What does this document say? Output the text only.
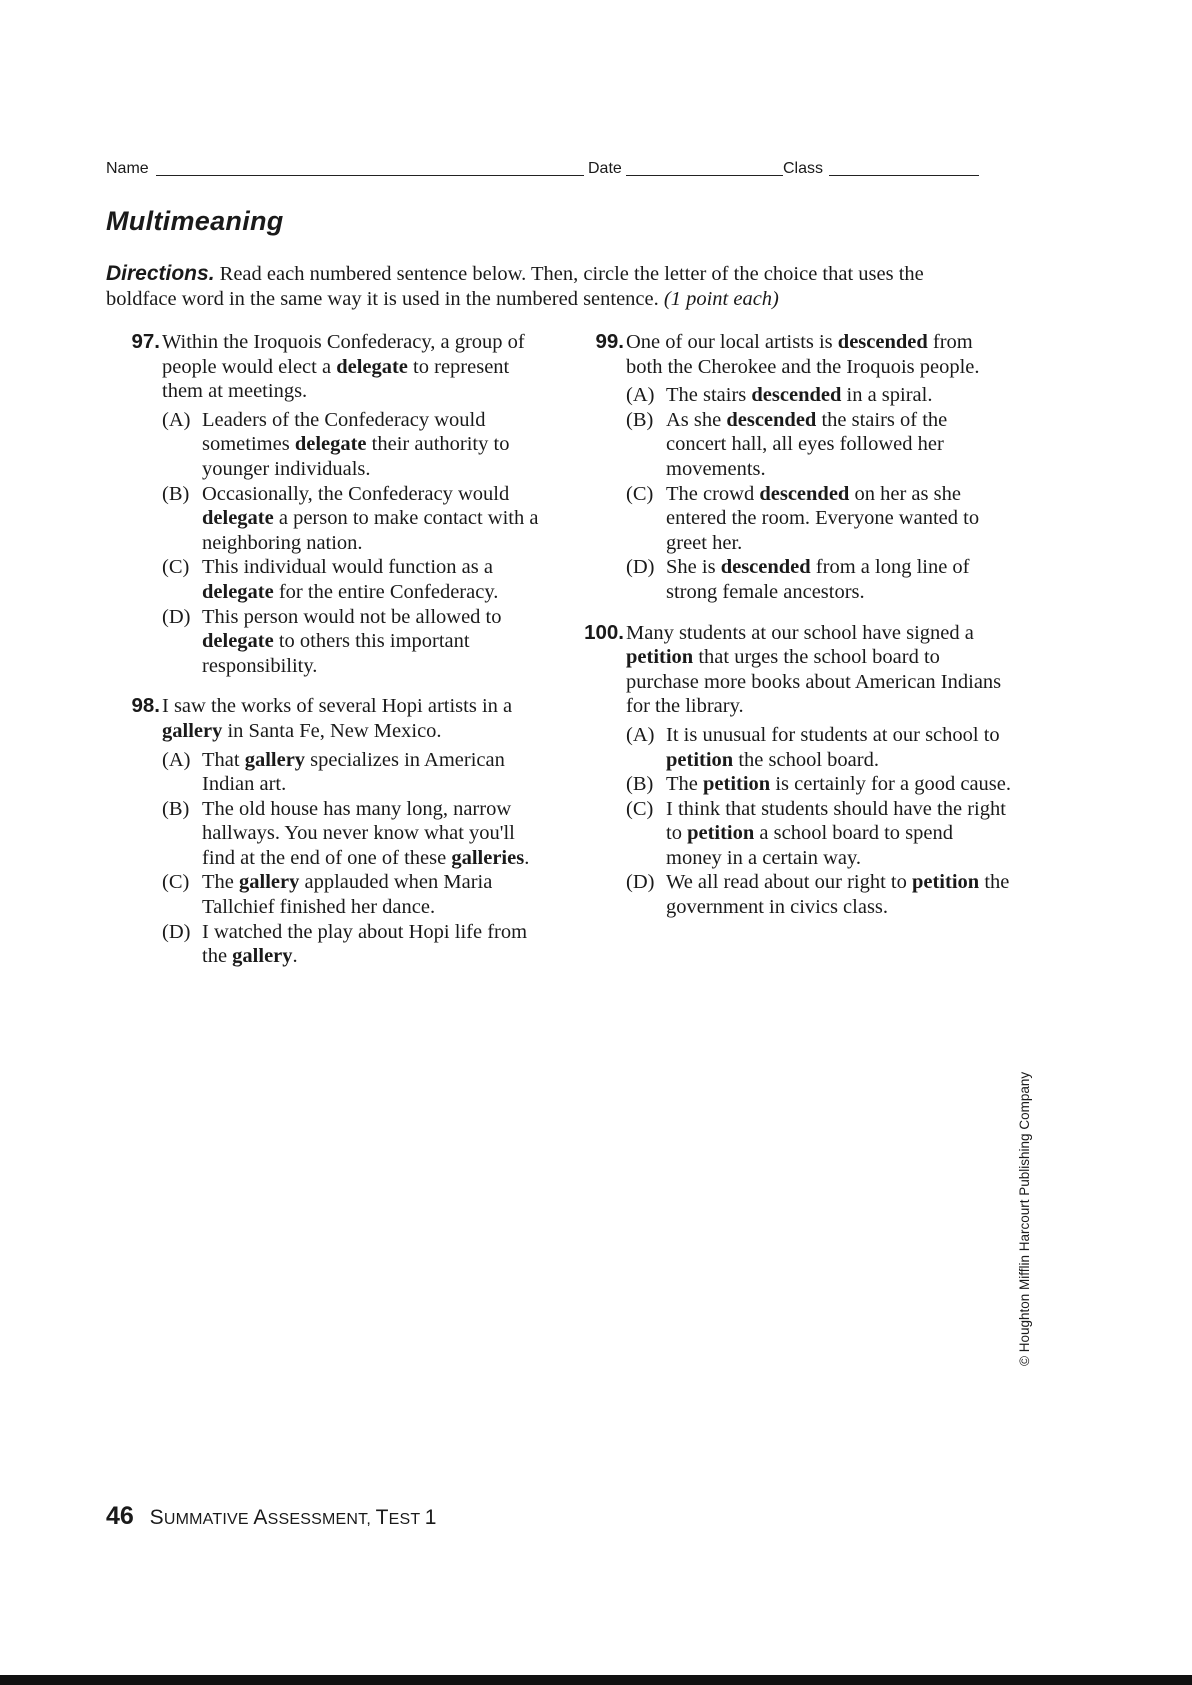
Name	Date	Class
Multimeaning
Directions. Read each numbered sentence below. Then, circle the letter of the choice that uses the boldface word in the same way it is used in the numbered sentence. (1 point each)
97. Within the Iroquois Confederacy, a group of people would elect a delegate to represent them at meetings.

(A) Leaders of the Confederacy would sometimes delegate their authority to younger individuals.

(B) Occasionally, the Confederacy would delegate a person to make contact with a neighboring nation.

(C) This individual would function as a delegate for the entire Confederacy.

(D) This person would not be allowed to delegate to others this important responsibility.

98. I saw the works of several Hopi artists in a gallery in Santa Fe, New Mexico.

(A) That gallery specializes in American Indian art.

(B) The old house has many long, narrow hallways. You never know what you'll find at the end of one of these galleries.

(C) The gallery applauded when Maria Tallchief finished her dance.

(D) I watched the play about Hopi life from the gallery.

99. One of our local artists is descended from both the Cherokee and the Iroquois people.

(A) The stairs descended in a spiral.

(B) As she descended the stairs of the concert hall, all eyes followed her movements.

(C) The crowd descended on her as she entered the room. Everyone wanted to greet her.

(D) She is descended from a long line of strong female ancestors.

100. Many students at our school have signed a petition that urges the school board to purchase more books about American Indians for the library.

(A) It is unusual for students at our school to petition the school board.

(B) The petition is certainly for a good cause.

(C) I think that students should have the right to petition a school board to spend money in a certain way.

(D) We all read about our right to petition the government in civics class.

© Houghton Mifflin Harcourt Publishing Company
46 SUMMATIVE ASSESSMENT, TEST 1
